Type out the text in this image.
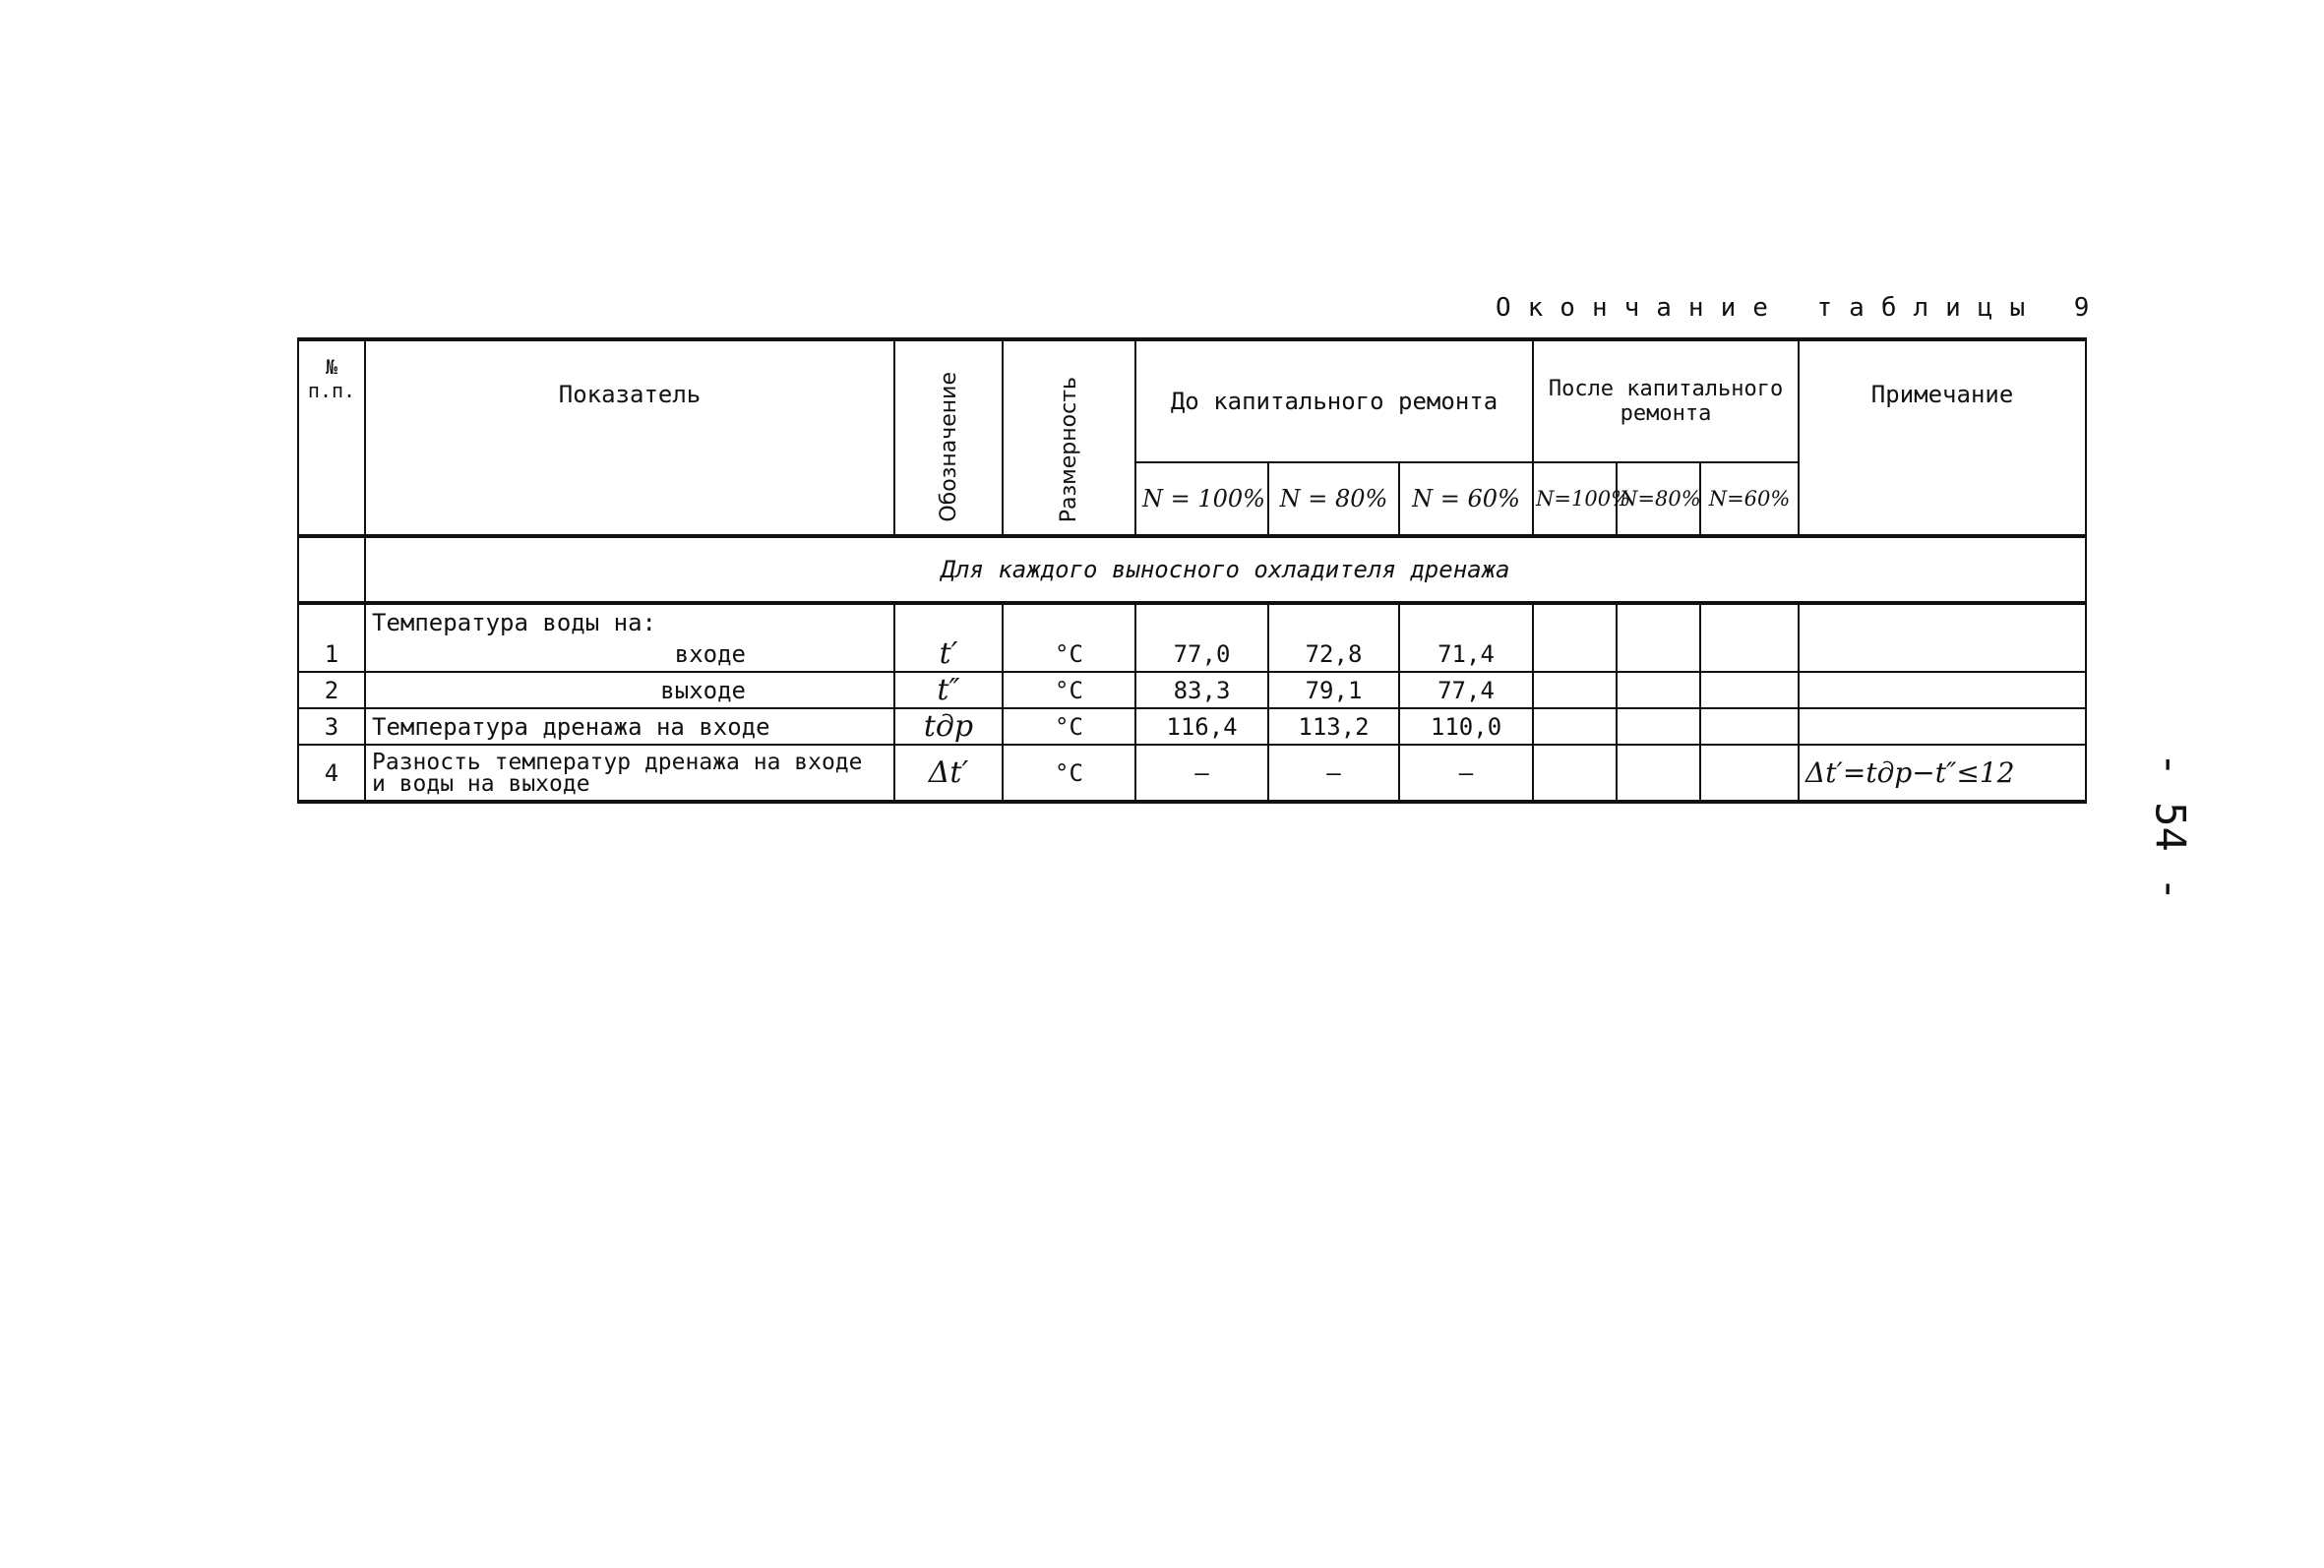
Окончание таблицы 9
№ п.п.	Показатель	Обозначение	Размерность	До капитального ремонта			После капитального ремонта			Примечание
				N = 100%	N = 80%	N = 60%	N=100%	N=80%	N=60%	
	Для каждого выносного охладителя дренажа									
	Температура воды на:									
1	входе	t′	°C	77,0	72,8	71,4				
2	выходе	t″	°C	83,3	79,1	77,4				
3	Температура дренажа на входе	tдр	°C	116,4	113,2	110,0				
4	Разность температур дренажа на входе и воды на выходе	Δt′	°C	–	–	–				Δt′=tдр−t″≤12	- 54 -
